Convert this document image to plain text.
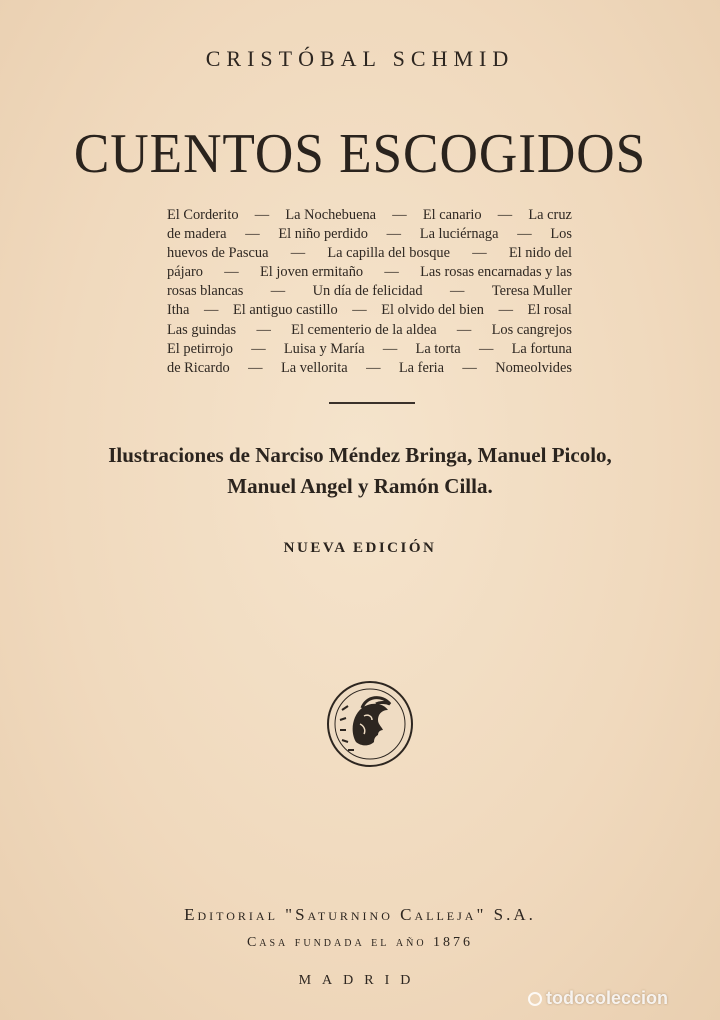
CRISTÓBAL SCHMID
CUENTOS ESCOGIDOS
El Corderito — La Nochebuena — El canario — La cruz
de madera — El niño perdido — La luciérnaga — Los
huevos de Pascua — La capilla del bosque — El nido del
pájaro — El joven ermitaño — Las rosas encarnadas y las
rosas blancas — Un día de felicidad — Teresa Muller
Itha — El antiguo castillo — El olvido del bien — El rosal
Las guindas — El cementerio de la aldea — Los cangrejos
El petirrojo — Luisa y María — La torta — La fortuna
de Ricardo — La vellorita — La feria — Nomeolvides
Ilustraciones de Narciso Méndez Bringa, Manuel Picolo,
Manuel Angel y Ramón Cilla.
NUEVA EDICIÓN
Editorial "Saturnino Calleja" S.A.
Casa fundada el año 1876
MADRID
todocoleccion
